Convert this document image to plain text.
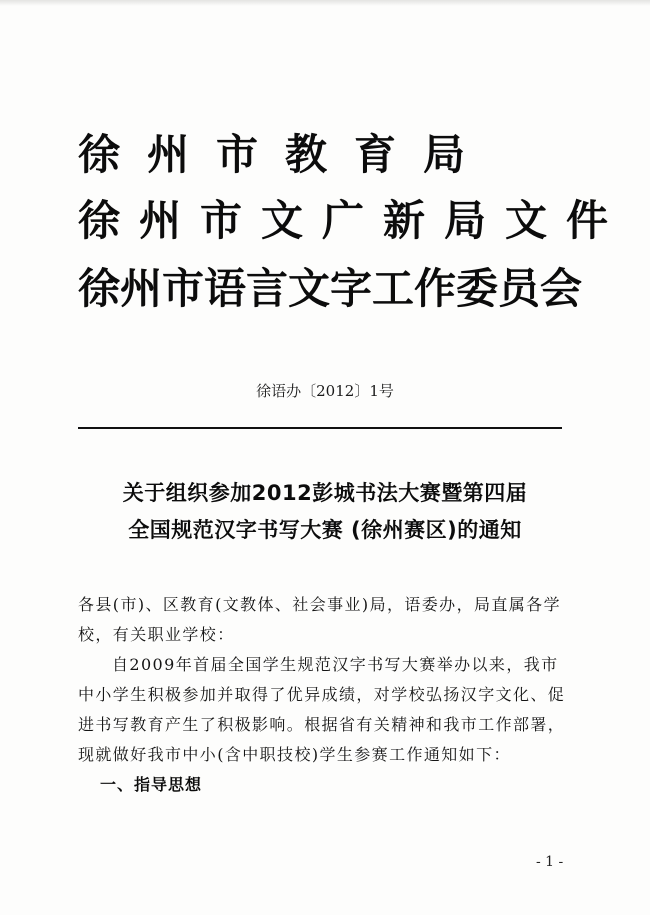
徐州市教育局
徐州市文广新局文件
徐州市语言文字工作委员会
徐语办〔2012〕1号
关于组织参加2012彭城书法大赛暨第四届
全国规范汉字书写大赛 (徐州赛区)的通知
各县(市)、区教育(文教体、社会事业)局，语委办，局直属各学
校，有关职业学校：
自2009年首届全国学生规范汉字书写大赛举办以来，我市
中小学生积极参加并取得了优异成绩，对学校弘扬汉字文化、促
进书写教育产生了积极影响。根据省有关精神和我市工作部署，
现就做好我市中小(含中职技校)学生参赛工作通知如下：
一、指导思想
- 1 -
